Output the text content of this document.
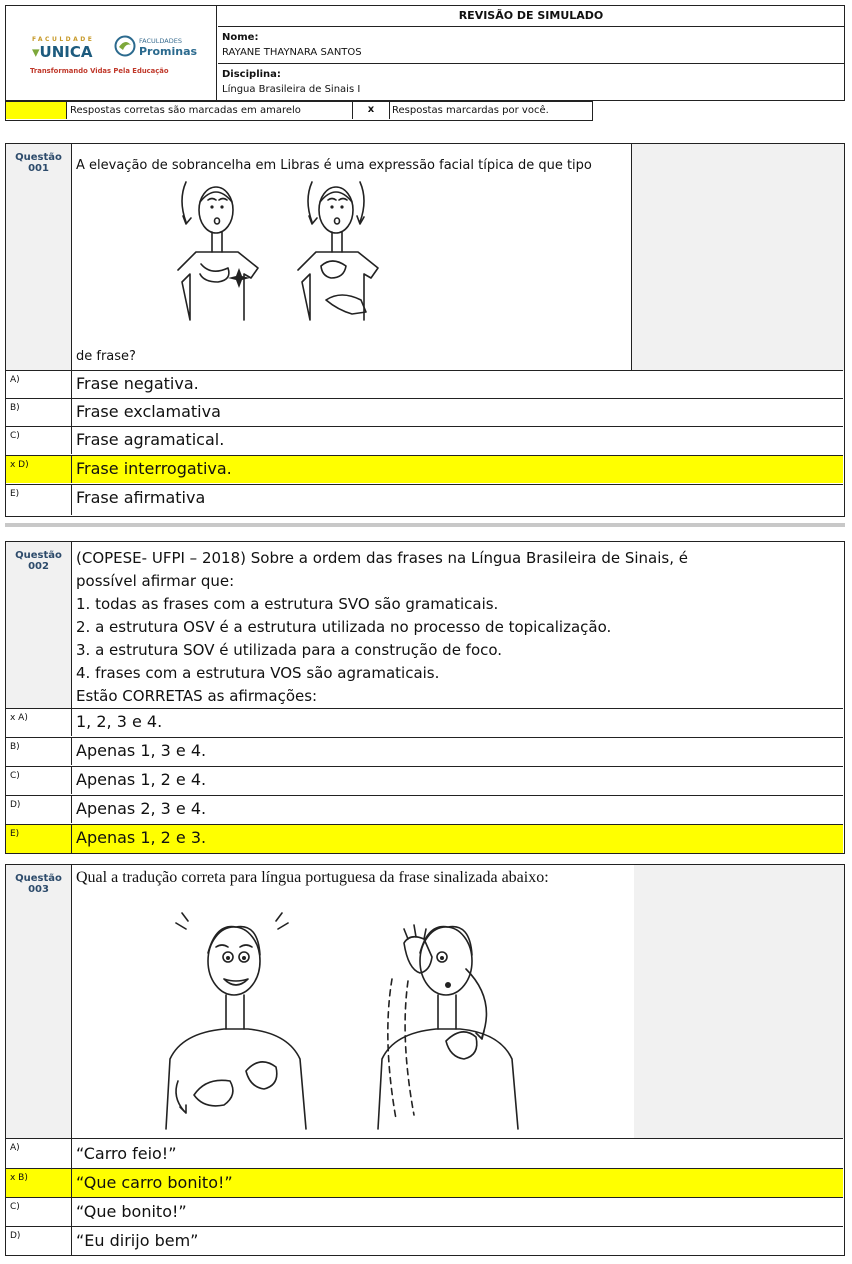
FACULDADE
▾UNICA
FACULDADES
Prominas
Transformando Vidas Pela Educação
REVISÃO DE SIMULADO
Nome:
RAYANE THAYNARA SANTOS
Disciplina:
Língua Brasileira de Sinais I
Respostas corretas são marcadas em amarelo	x	Respostas marcardas por você.
Questão
001	A elevação de sobrancelha em Libras é uma expressão facial típica de que tipo
de frase?
A)	Frase negativa.
B)	Frase exclamativa
C)	Frase agramatical.
x D)	Frase interrogativa.
E)	Frase afirmativa
Questão
002	(COPESE- UFPI – 2018) Sobre a ordem das frases na Língua Brasileira de Sinais, é
possível afirmar que:
1. todas as frases com a estrutura SVO são gramaticais.
2. a estrutura OSV é a estrutura utilizada no processo de topicalização.
3. a estrutura SOV é utilizada para a construção de foco.
4. frases com a estrutura VOS são agramaticais.
Estão CORRETAS as afirmações:
x A)	1, 2, 3 e 4.
B)	Apenas 1, 3 e 4.
C)	Apenas 1, 2 e 4.
D)	Apenas 2, 3 e 4.
E)	Apenas 1, 2 e 3.
Questão
003
Qual a tradução correta para língua portuguesa da frase sinalizada abaixo:
A)	“Carro feio!”
x B)	“Que carro bonito!”
C)	“Que bonito!”
D)	“Eu dirijo bem”
